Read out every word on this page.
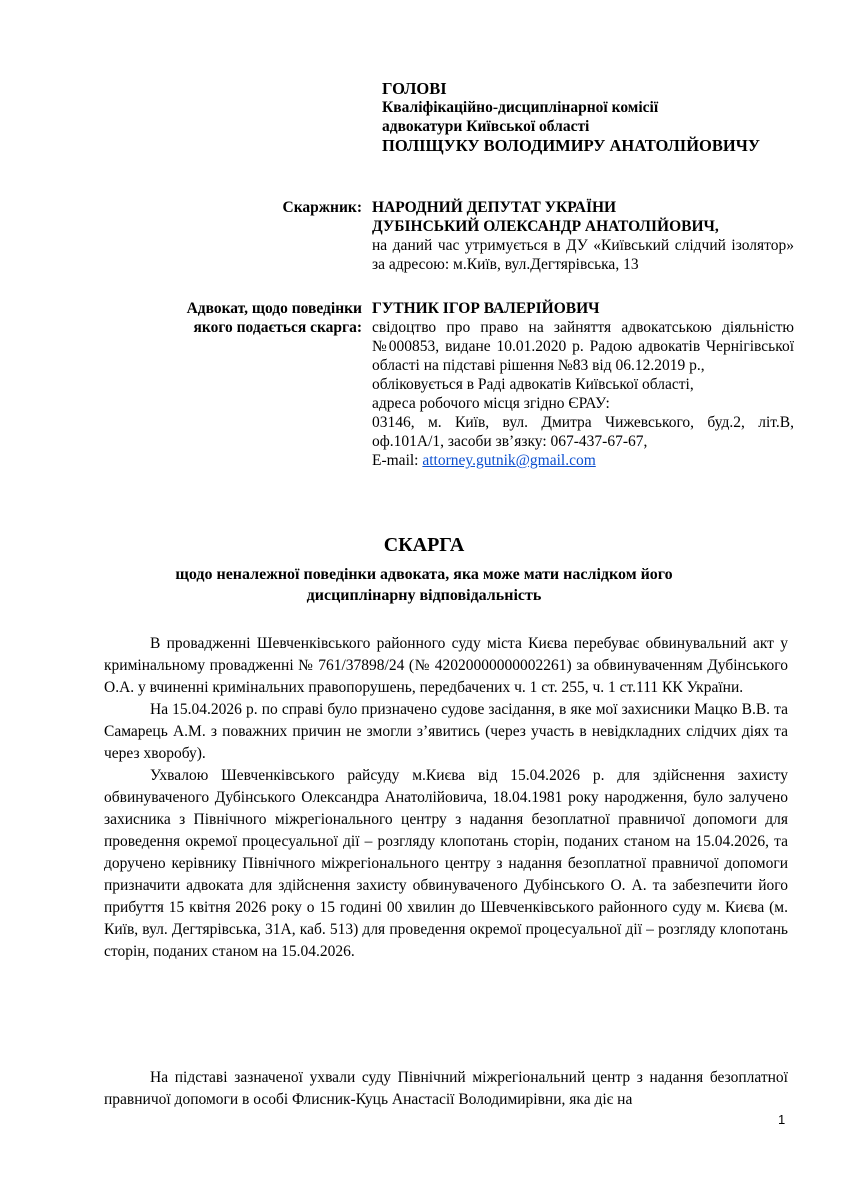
ГОЛОВІ
Кваліфікаційно-дисциплінарної комісії
адвокатури Київської області
ПОЛІЩУКУ ВОЛОДИМИРУ АНАТОЛІЙОВИЧУ
Скаржник: НАРОДНИЙ ДЕПУТАТ УКРАЇНИ
ДУБІНСЬКИЙ ОЛЕКСАНДР АНАТОЛІЙОВИЧ,
на даний час утримується в ДУ «Київський слідчий ізолятор» за адресою: м.Київ, вул.Дегтярівська, 13
Адвокат, щодо поведінки
якого подається скарга:
ГУТНИК ІГОР ВАЛЕРІЙОВИЧ
свідоцтво про право на зайняття адвокатською діяльністю №000853, видане 10.01.2020 р. Радою адвокатів Чернігівської області на підставі рішення №83 від 06.12.2019 р.,
обліковується в Раді адвокатів Київської області,
адреса робочого місця згідно ЄРАУ:
03146, м. Київ, вул. Дмитра Чижевського, буд.2, літ.В, оф.101А/1, засоби зв’язку: 067-437-67-67,
E-mail: attorney.gutnik@gmail.com
СКАРГА
щодо неналежної поведінки адвоката, яка може мати наслідком його
дисциплінарну відповідальність

В провадженні Шевченківського районного суду міста Києва перебуває обвинувальний акт у кримінальному провадженні № 761/37898/24 (№ 42020000000002261) за обвинуваченням Дубінського О.А. у вчиненні кримінальних правопорушень, передбачених ч. 1 ст. 255, ч. 1 ст.111 КК України.

На 15.04.2026 р. по справі було призначено судове засідання, в яке мої захисники Мацко В.В. та Самарець А.М. з поважних причин не змогли з’явитись (через участь в невідкладних слідчих діях та через хворобу).

Ухвалою Шевченківського райсуду м.Києва від 15.04.2026 р. для здійснення захисту обвинуваченого Дубінського Олександра Анатолійовича, 18.04.1981 року народження, було залучено захисника з Північного міжрегіонального центру з надання безоплатної правничої допомоги для проведення окремої процесуальної дії – розгляду клопотань сторін, поданих станом на 15.04.2026, та доручено керівнику Північного міжрегіонального центру з надання безоплатної правничої допомоги призначити адвоката для здійснення захисту обвинуваченого Дубінського О. А. та забезпечити його прибуття 15 квітня 2026 року о 15 годині 00 хвилин до Шевченківського районного суду м. Києва (м. Київ, вул. Дегтярівська, 31А, каб. 513) для проведення окремої процесуальної дії – розгляду клопотань сторін, поданих станом на 15.04.2026.

На підставі зазначеної ухвали суду Північний міжрегіональний центр з надання безоплатної правничої допомоги в особі Флисник-Куць Анастасії Володимирівни, яка діє на

1
